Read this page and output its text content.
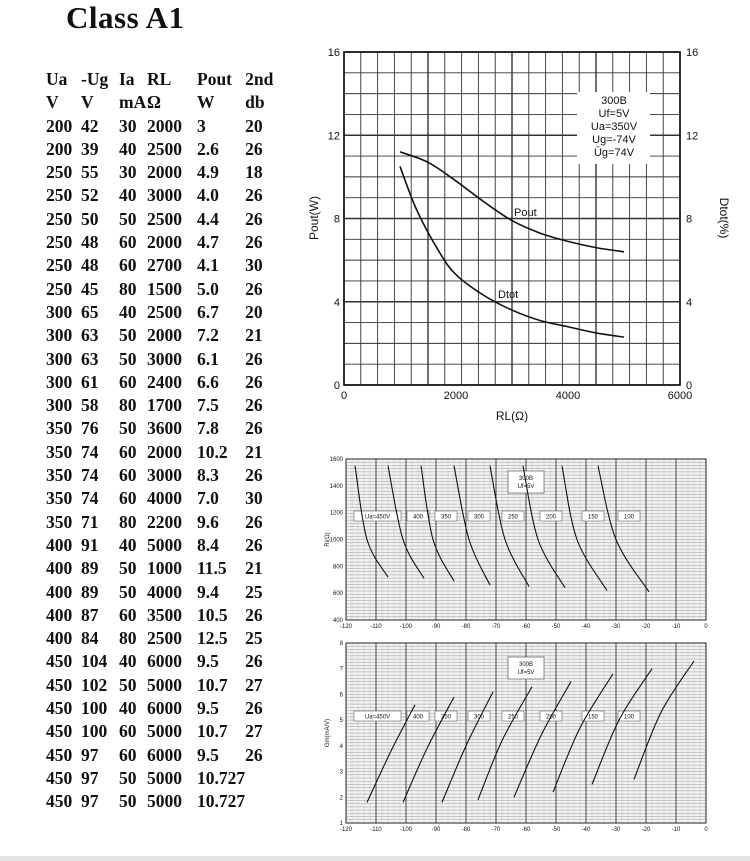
Class A1
Ua	-Ug	Ia	RL	Pout	2nd
V	V	mA	Ω	W	db
200	42	30	2000	3	20
200	39	40	2500	2.6	26
250	55	30	2000	4.9	18
250	52	40	3000	4.0	26
250	50	50	2500	4.4	26
250	48	60	2000	4.7	26
250	48	60	2700	4.1	30
250	45	80	1500	5.0	26
300	65	40	2500	6.7	20
300	63	50	2000	7.2	21
300	63	50	3000	6.1	26
300	61	60	2400	6.6	26
300	58	80	1700	7.5	26
350	76	50	3600	7.8	26
350	74	60	2000	10.2	21
350	74	60	3000	8.3	26
350	74	60	4000	7.0	30
350	71	80	2200	9.6	26
400	91	40	5000	8.4	26
400	89	50	1000	11.5	21
400	89	50	4000	9.4	25
400	87	60	3500	10.5	26
400	84	80	2500	12.5	25
450	104	40	6000	9.5	26
450	102	50	5000	10.7	27
450	100	40	6000	9.5	26
450	100	60	5000	10.7	27
450	97	60	6000	9.5	26
450	97	50	5000	10.727	
450	97	50	5000	10.727	
300B
Uf=5V
Ua=350V
Ug=-74V
Ūg=74V
0	0
4	4
8	8
12	12
16	16
0	2000	4000	6000
RL(Ω)
Pout(W)	Dtot(%)
Pout
Dtot
-120	-110	-100	-90	-80	-70	-60	-50	-40	-30	-20	-10	0
400
600
800
1000
1200
1400
1600
Ri(Ω)
300B
Uf=5V
Ua=450V	400	350	300	250	200	150	100
-120	-110	-100	-90	-80	-70	-60	-50	-40	-30	-20	-10	0
1
2
3
4
5
6
7
8
Gm(mA/V)
300B
Uf=5V
Ua=450V	400	350	300	250	200	150	100
